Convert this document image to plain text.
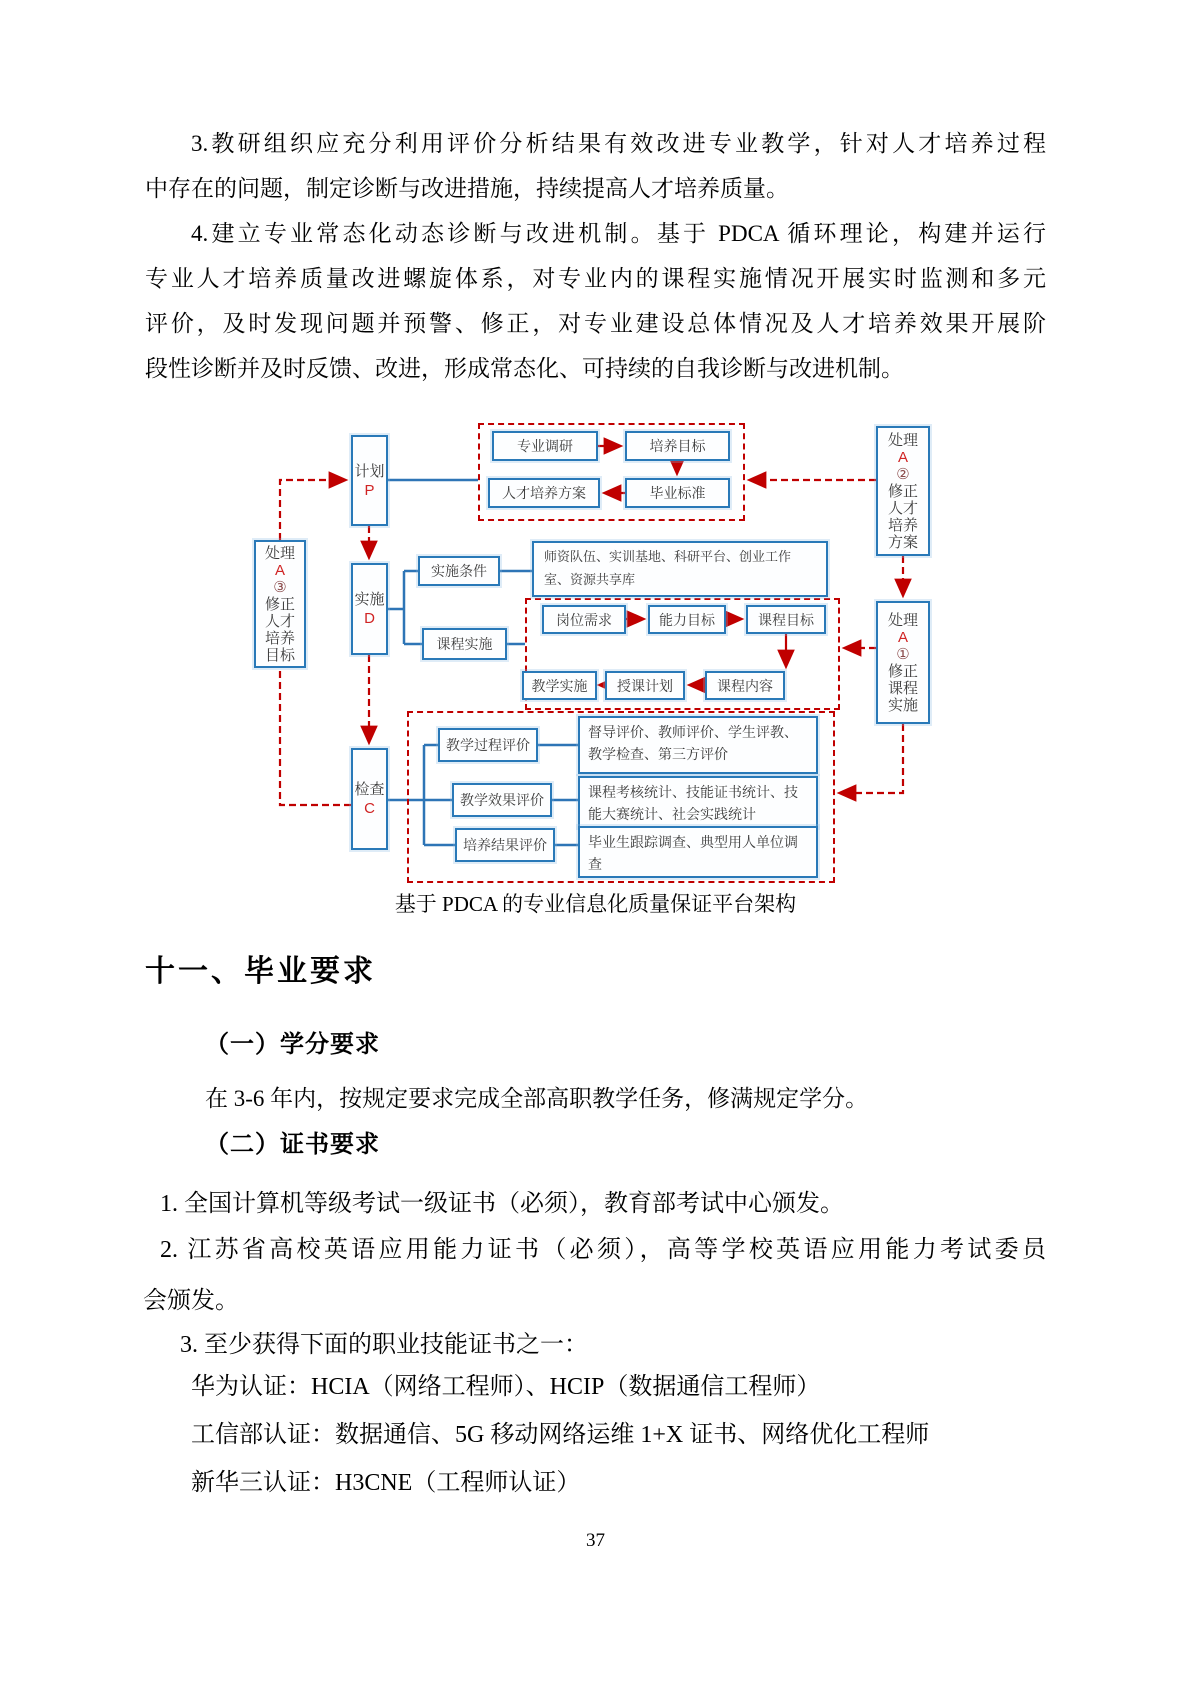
3.教研组织应充分利用评价分析结果有效改进专业教学，针对人才培养过程
中存在的问题，制定诊断与改进措施，持续提高人才培养质量。
4.建立专业常态化动态诊断与改进机制。基于 PDCA 循环理论，构建并运行
专业人才培养质量改进螺旋体系，对专业内的课程实施情况开展实时监测和多元
评价，及时发现问题并预警、修正，对专业建设总体情况及人才培养效果开展阶
段性诊断并及时反馈、改进，形成常态化、可持续的自我诊断与改进机制。
计划
P
实施
D
检查
C
处理
A
③
修正人才培养目标
处理
A
②
修正人才培养方案
处理
A
①
修正课程实施
专业调研	培养目标
人才培养方案	毕业标准
实施条件
师资队伍、实训基地、科研平台、创业工作室、资源共享库
课程实施
岗位需求	能力目标	课程目标
教学实施	授课计划	课程内容
教学过程评价
督导评价、教师评价、学生评教、教学检查、第三方评价
教学效果评价	课程考核统计、技能证书统计、技能大赛统计、社会实践统计
培养结果评价	毕业生跟踪调查、典型用人单位调查
基于 PDCA 的专业信息化质量保证平台架构
十一、毕业要求
（一）学分要求
在 3-6 年内，按规定要求完成全部高职教学任务，修满规定学分。
（二）证书要求
1. 全国计算机等级考试一级证书（必须），教育部考试中心颁发。
2. 江苏省高校英语应用能力证书（必须），高等学校英语应用能力考试委员
会颁发。
3. 至少获得下面的职业技能证书之一：
华为认证：HCIA（网络工程师）、HCIP（数据通信工程师）
工信部认证：数据通信、5G 移动网络运维 1+X 证书、网络优化工程师
新华三认证：H3CNE（工程师认证）
37
